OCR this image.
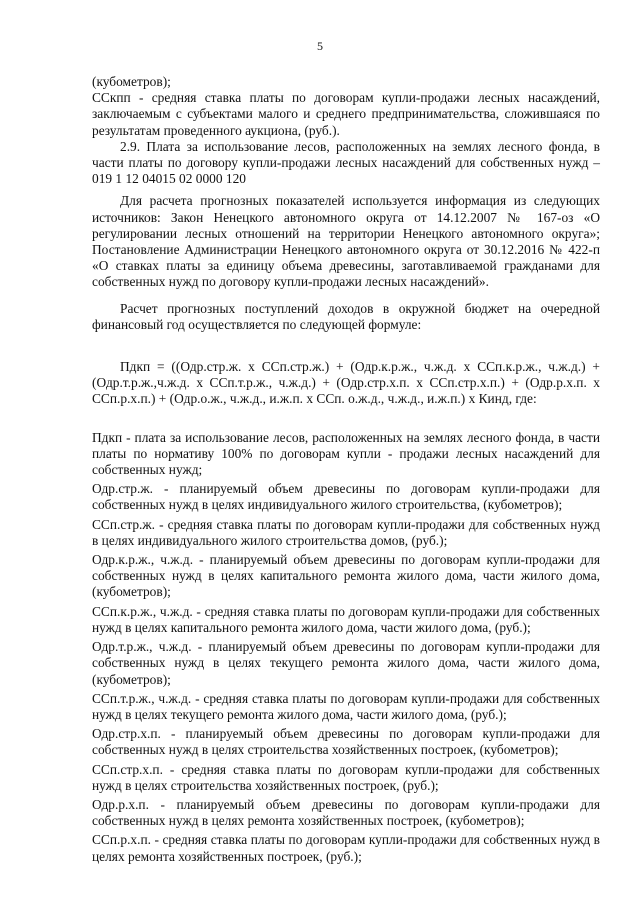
5

(кубометров);

ССкпп - средняя ставка платы по договорам купли-продажи лесных насаждений, заключаемым с субъектами малого и среднего предпринимательства, сложившаяся по результатам проведенного аукциона, (руб.).

2.9. Плата за использование лесов, расположенных на землях лесного фонда, в части платы по договору купли-продажи лесных насаждений для собственных нужд – 019 1 12 04015 02 0000 120

Для расчета прогнозных показателей используется информация из следующих источников: Закон Ненецкого автономного округа от 14.12.2007 № 167-оз «О регулировании лесных отношений на территории Ненецкого автономного округа»; Постановление Администрации Ненецкого автономного округа от 30.12.2016 № 422-п «О ставках платы за единицу объема древесины, заготавливаемой гражданами для собственных нужд по договору купли-продажи лесных насаждений».

Расчет прогнозных поступлений доходов в окружной бюджет на очередной финансовый год осуществляется по следующей формуле:

Пдкп = ((Одр.стр.ж. х ССп.стр.ж.) + (Одр.к.р.ж., ч.ж.д. х ССп.к.р.ж., ч.ж.д.) + (Одр.т.р.ж.,ч.ж.д. х ССп.т.р.ж., ч.ж.д.) + (Одр.стр.х.п. х ССп.стр.х.п.) + (Одр.р.х.п. х ССп.р.х.п.) + (Одр.о.ж., ч.ж.д., и.ж.п. х ССп. о.ж.д., ч.ж.д., и.ж.п.) х Кинд, где:

Пдкп - плата за использование лесов, расположенных на землях лесного фонда, в части платы по нормативу 100% по договорам купли - продажи лесных насаждений для собственных нужд;

Одр.стр.ж. - планируемый объем древесины по договорам купли-продажи для собственных нужд в целях индивидуального жилого строительства, (кубометров);

ССп.стр.ж. - средняя ставка платы по договорам купли-продажи для собственных нужд в целях индивидуального жилого строительства домов, (руб.);

Одр.к.р.ж., ч.ж.д. - планируемый объем древесины по договорам купли-продажи для собственных нужд в целях капитального ремонта жилого дома, части жилого дома, (кубометров);

ССп.к.р.ж., ч.ж.д. - средняя ставка платы по договорам купли-продажи для собственных нужд в целях капитального ремонта жилого дома, части жилого дома, (руб.);

Одр.т.р.ж., ч.ж.д. - планируемый объем древесины по договорам купли-продажи для собственных нужд в целях текущего ремонта жилого дома, части жилого дома, (кубометров);

ССп.т.р.ж., ч.ж.д. - средняя ставка платы по договорам купли-продажи для собственных нужд в целях текущего ремонта жилого дома, части жилого дома, (руб.);

Одр.стр.х.п. - планируемый объем древесины по договорам купли-продажи для собственных нужд в целях строительства хозяйственных построек, (кубометров);

ССп.стр.х.п. - средняя ставка платы по договорам купли-продажи для собственных нужд в целях строительства хозяйственных построек, (руб.);

Одр.р.х.п. - планируемый объем древесины по договорам купли-продажи для собственных нужд в целях ремонта хозяйственных построек, (кубометров);

ССп.р.х.п. - средняя ставка платы по договорам купли-продажи для собственных нужд в целях ремонта хозяйственных построек, (руб.);
